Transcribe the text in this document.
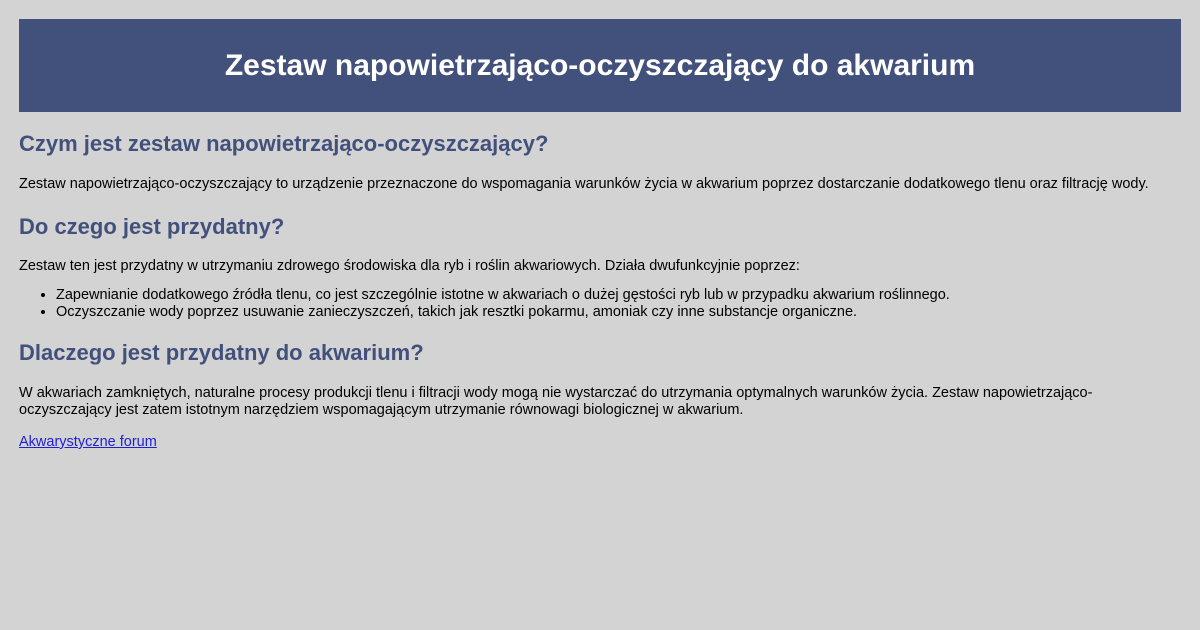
Zestaw napowietrzająco-oczyszczający do akwarium
Czym jest zestaw napowietrzająco-oczyszczający?

Zestaw napowietrzająco-oczyszczający to urządzenie przeznaczone do wspomagania warunków życia w akwarium poprzez dostarczanie dodatkowego tlenu oraz filtrację wody.

Do czego jest przydatny?

Zestaw ten jest przydatny w utrzymaniu zdrowego środowiska dla ryb i roślin akwariowych. Działa dwufunkcyjnie poprzez:

• Zapewnianie dodatkowego źródła tlenu, co jest szczególnie istotne w akwariach o dużej gęstości ryb lub w przypadku akwarium roślinnego.
• Oczyszczanie wody poprzez usuwanie zanieczyszczeń, takich jak resztki pokarmu, amoniak czy inne substancje organiczne.
Dlaczego jest przydatny do akwarium?

W akwariach zamkniętych, naturalne procesy produkcji tlenu i filtracji wody mogą nie wystarczać do utrzymania optymalnych warunków życia. Zestaw napowietrzająco-oczyszczający jest zatem istotnym narzędziem wspomagającym utrzymanie równowagi biologicznej w akwarium.

Akwarystyczne forum
